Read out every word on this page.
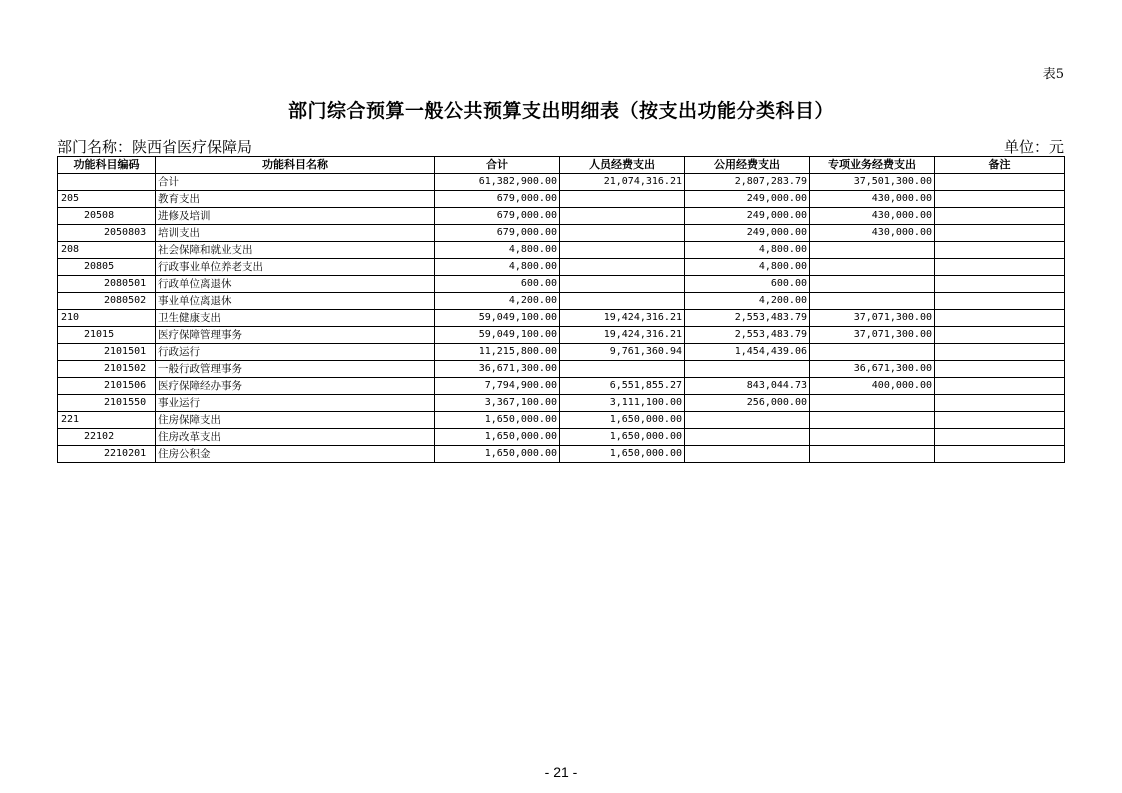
表5
部门综合预算一般公共预算支出明细表（按支出功能分类科目）
部门名称：陕西省医疗保障局	单位：元
功能科目编码	功能科目名称	合计	人员经费支出	公用经费支出	专项业务经费支出	备注
	合计	61,382,900.00	21,074,316.21	2,807,283.79	37,501,300.00	
205	教育支出	679,000.00		249,000.00	430,000.00	
20508	进修及培训	679,000.00		249,000.00	430,000.00	
2050803	培训支出	679,000.00		249,000.00	430,000.00	
208	社会保障和就业支出	4,800.00		4,800.00		
20805	行政事业单位养老支出	4,800.00		4,800.00		
2080501	行政单位离退休	600.00		600.00		
2080502	事业单位离退休	4,200.00		4,200.00		
210	卫生健康支出	59,049,100.00	19,424,316.21	2,553,483.79	37,071,300.00	
21015	医疗保障管理事务	59,049,100.00	19,424,316.21	2,553,483.79	37,071,300.00	
2101501	行政运行	11,215,800.00	9,761,360.94	1,454,439.06		
2101502	一般行政管理事务	36,671,300.00			36,671,300.00	
2101506	医疗保障经办事务	7,794,900.00	6,551,855.27	843,044.73	400,000.00	
2101550	事业运行	3,367,100.00	3,111,100.00	256,000.00		
221	住房保障支出	1,650,000.00	1,650,000.00			
22102	住房改革支出	1,650,000.00	1,650,000.00			
2210201	住房公积金	1,650,000.00	1,650,000.00			
- 21 -
